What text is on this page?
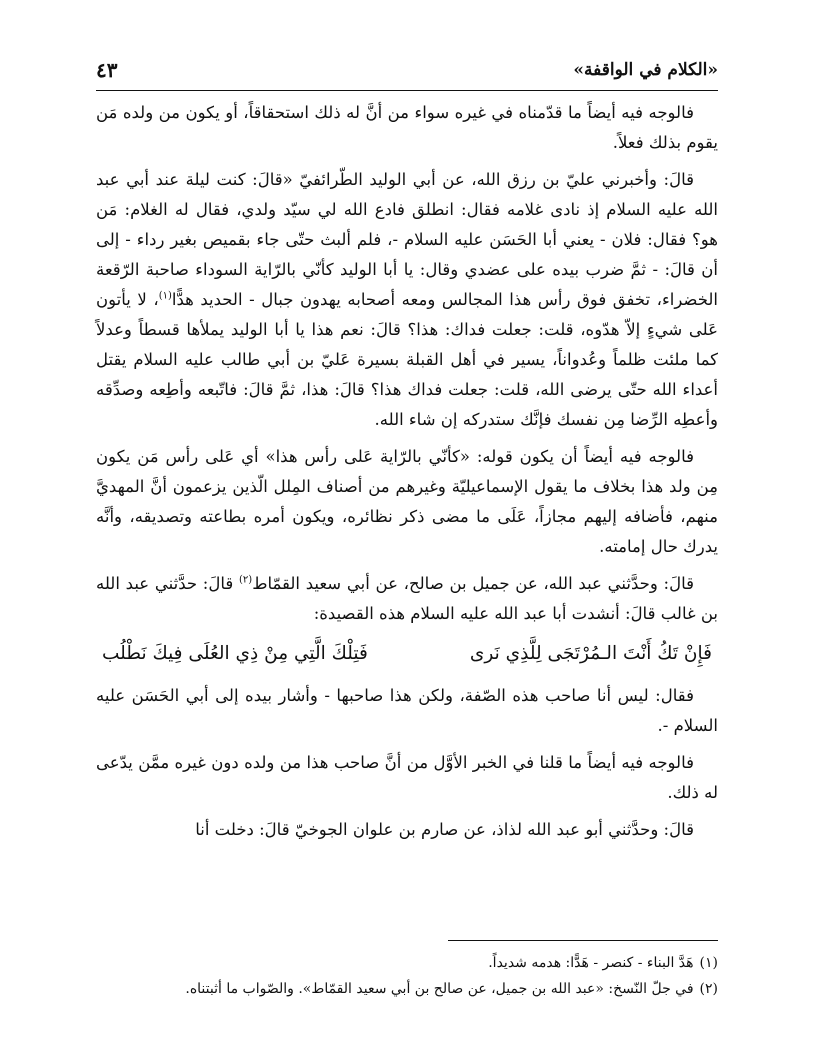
«الكلام في الواقفة»
٤٣

فالوجه فيه أيضاً ما قدّمناه في غيره سواء من أنَّ له ذلك استحقاقاً، أو يكون من ولده مَن يقوم بذلك فعلاً.

قالَ: وأخبرني عليّ بن رزق الله، عن أبي الوليد الطّرائفيّ «قالَ: كنت ليلة عند أبي عبد الله عليه السلام إذ نادى غلامه فقال: انطلق فادع الله لي سيّد ولدي، فقال له الغلام: مَن هو؟ فقال: فلان - يعني أبا الحَسَن عليه السلام -، فلم ألبث حتّى جاء بقميص بغير رداء - إلى أن قالَ: - ثمَّ ضرب بيده على عضدي وقال: يا أبا الوليد كأنّي بالرّاية السوداء صاحبة الرّقعة الخضراء، تخفق فوق رأس هذا المجالس ومعه أصحابه يهدون جبال - الحديد هدًّا$^{(١)}$، لا يأتون عَلى شيءٍ إلاّ هدّوه، قلت: جعلت فداك: هذا؟ قالَ: نعم هذا يا أبا الوليد يملأها قسطاً وعدلاً كما ملئت ظلماً وعُدواناً، يسير في أهل القبلة بسيرة عَليّ بن أبي طالب عليه السلام يقتل أعداء الله حتّى يرضى الله، قلت: جعلت فداك هذا؟ قالَ: هذا، ثمَّ قالَ: فاتّبعه وأطِعه وصدِّقه وأعطِه الرِّضا مِن نفسك فإنَّك ستدركه إن شاء الله.

فالوجه فيه أيضاً أن يكون قوله: «كأنّي بالرّاية عَلى رأس هذا» أي عَلى رأس مَن يكون مِن ولد هذا بخلاف ما يقول الإسماعيليّة وغيرهم من أصناف المِلل الّذين يزعمون أنَّ المهديَّ منهم، فأضافه إليهم مجازاً، عَلَى ما مضى ذكر نظائره، ويكون أمره بطاعته وتصديقه، وأنَّه يدرك حال إمامته.

قالَ: وحدَّثني عبد الله، عن جميل بن صالح، عن أبي سعيد القمّاط$^{(٢)}$ قالَ: حدَّثني عبد الله بن غالب قالَ: أنشدت أبا عبد الله عليه السلام هذه القصيدة:

فَإِنْ تَكُ أَنْتَ الـمُرْتَجَى لِلَّذِي نَرى
فَتِلْكَ الَّتِي مِنْ ذِي العُلَى فِيكَ نَطْلُب

فقال: ليس أنا صاحب هذه الصّفة، ولكن هذا صاحبها - وأشار بيده إلى أبي الحَسَن عليه السلام -.

فالوجه فيه أيضاً ما قلنا في الخبر الأوَّل من أنَّ صاحب هذا من ولده دون غيره ممَّن يدّعى له ذلك.

قالَ: وحدَّثني أبو عبد الله لذاذ، عن صارم بن علوان الجوخيّ قالَ: دخلت أنا

(١)
هَدَّ البناء - كنصر - هَدًّا: هدمه شديداً.
(٢)
في جلّ النّسخ: «عبد الله بن جميل، عن صالح بن أبي سعيد القمّاط». والصّواب ما أثبتناه.
